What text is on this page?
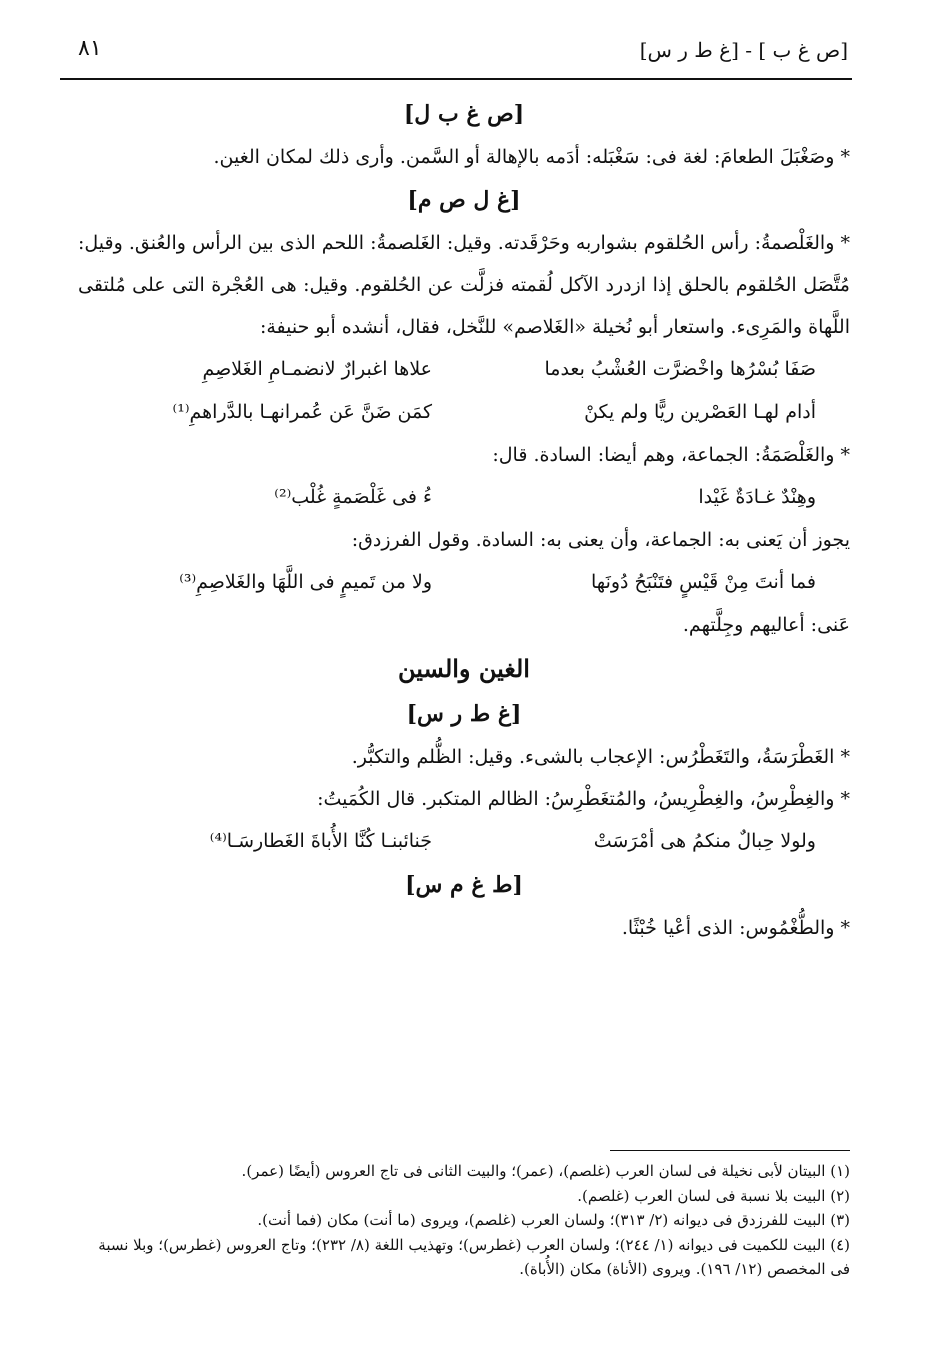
٨١	[ص غ ب ] - [غ ط ر س]
[ص غ ب ل]
* وصَغْبَلَ الطعامَ: لغة فى: سَغْبَله: أدَمه بالإهالة أو السَّمن. وأرى ذلك لمكان الغين.
[غ ل ص م]
* والغَلْصمةُ: رأس الحُلقوم بشواربه وحَرْقَدته. وقيل: الغَلصمةُ: اللحم الذى بين الرأس والعُنق. وقيل: مُتَّصَل الحُلقوم بالحلق إذا ازدرد الآكل لُقمته فزلَّت عن الحُلقوم. وقيل: هى العُجْرة التى على مُلتقى اللَّهاة والمَرِىء. واستعار أبو نُخيلة «الغَلاصم» للنَّخل، فقال، أنشده أبو حنيفة:
صَفَا بُسْرُها واخْضرَّت العُشْبُ بعدما
علاها اغبرارٌ لانضمـامِ الغَلاصِمِ
أدام لهـا العَصْرين ريًّا ولم يكنْ
كمَن ضَنَّ عَن عُمرانهـا بالدَّراهمِ⁽¹⁾
* والغَلْصَمَةُ: الجماعة، وهم أيضا: السادة. قال:
وهِنْدٌ غـادَةٌ غَيْدا
ءُ فى غَلْصَمةٍ غُلْب⁽²⁾
يجوز أن يَعنى به: الجماعة، وأن يعنى به: السادة. وقول الفرزدق:
فما أنتَ مِنْ قَيْسٍ فتَنْبَحُ دُونَها
ولا من تَميمٍ فى اللَّهَا والغَلاصِمِ⁽³⁾
عَنى: أعاليهم وجِلَّتهم.
الغين والسين
[غ ط ر س]
* الغَطْرَسَةُ، والتَغَطْرُس: الإعجاب بالشىء. وقيل: الظُّلم والتكبُّر.
* والغِطْرِسُ، والغِطْرِيسُ، والمُتغَطْرِسُ: الظالم المتكبر. قال الكُمَيتُ:
ولولا حِبالٌ منكمُ هى أمْرَسَتْ
جَنائبنـا كُنَّا الأُباةَ الغَطارسَـا⁽⁴⁾
[ط غ م س]
* والطُّغْمُوس: الذى أعْيا خُبْثًا.
(١) البيتان لأبى نخيلة فى لسان العرب (غلصم)، (عمر)؛ والبيت الثانى فى تاج العروس (أيضًا (عمر).
(٢) البيت بلا نسبة فى لسان العرب (غلصم).
(٣) البيت للفرزدق فى ديوانه (٢/ ٣١٣)؛ ولسان العرب (غلصم)، ويروى (ما أنت) مكان (فما أنت).
(٤) البيت للكميت فى ديوانه (١/ ٢٤٤)؛ ولسان العرب (غطرس)؛ وتهذيب اللغة (٨/ ٢٣٢)؛ وتاج العروس (غطرس)؛ وبلا نسبة فى المخصص (١٢/ ١٩٦). ويروى (الأناة) مكان (الأُباة).
